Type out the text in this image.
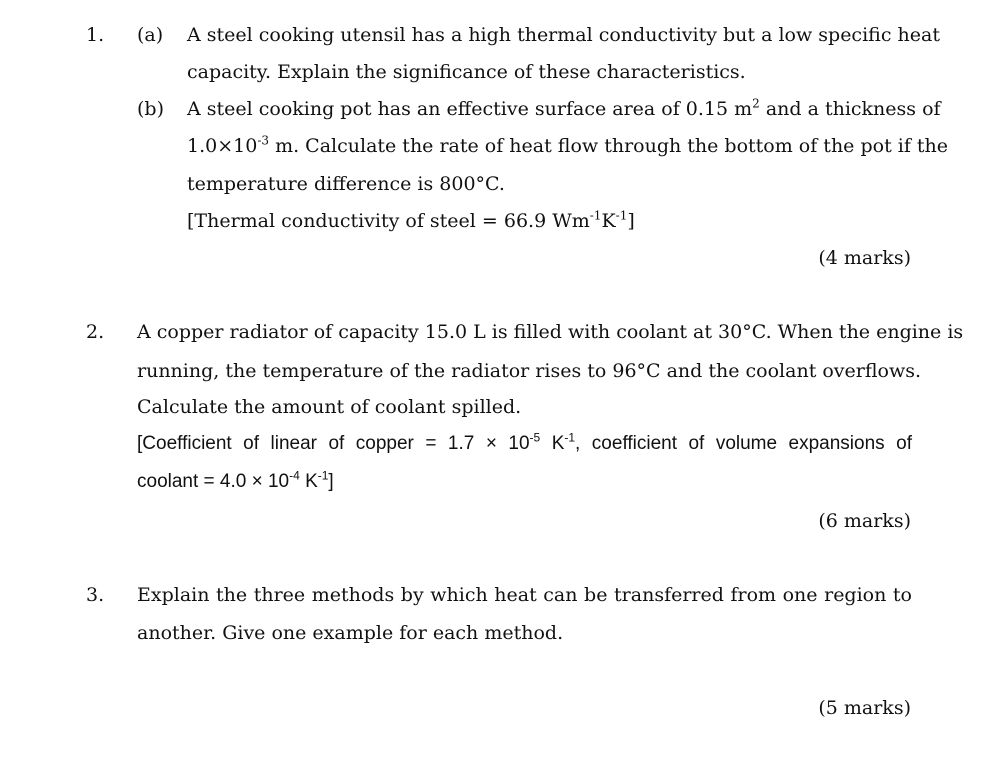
1. (a) A steel cooking utensil has a high thermal conductivity but a low specific heat
capacity. Explain the significance of these characteristics.
(b) A steel cooking pot has an effective surface area of 0.15 $m^2$ and a thickness of
$1.0\times 10^{-3}$ m. Calculate the rate of heat flow through the bottom of the pot if the
temperature difference is 800°C.
[Thermal conductivity of steel = 66.9 $Wm^{-1}K^{-1}$]
(4 marks)
2. A copper radiator of capacity 15.0 L is filled with coolant at 30°C. When the engine is
running, the temperature of the radiator rises to 96°C and the coolant overflows.
Calculate the amount of coolant spilled.
[Coefficient of linear of copper = $1.7 \times 10^{-5}$ $K^{-1}$, coefficient of volume expansions of
coolant = $4.0 \times 10^{-4}$ $K^{-1}$]
(6 marks)
3. Explain the three methods by which heat can be transferred from one region to
another. Give one example for each method.
(5 marks)
